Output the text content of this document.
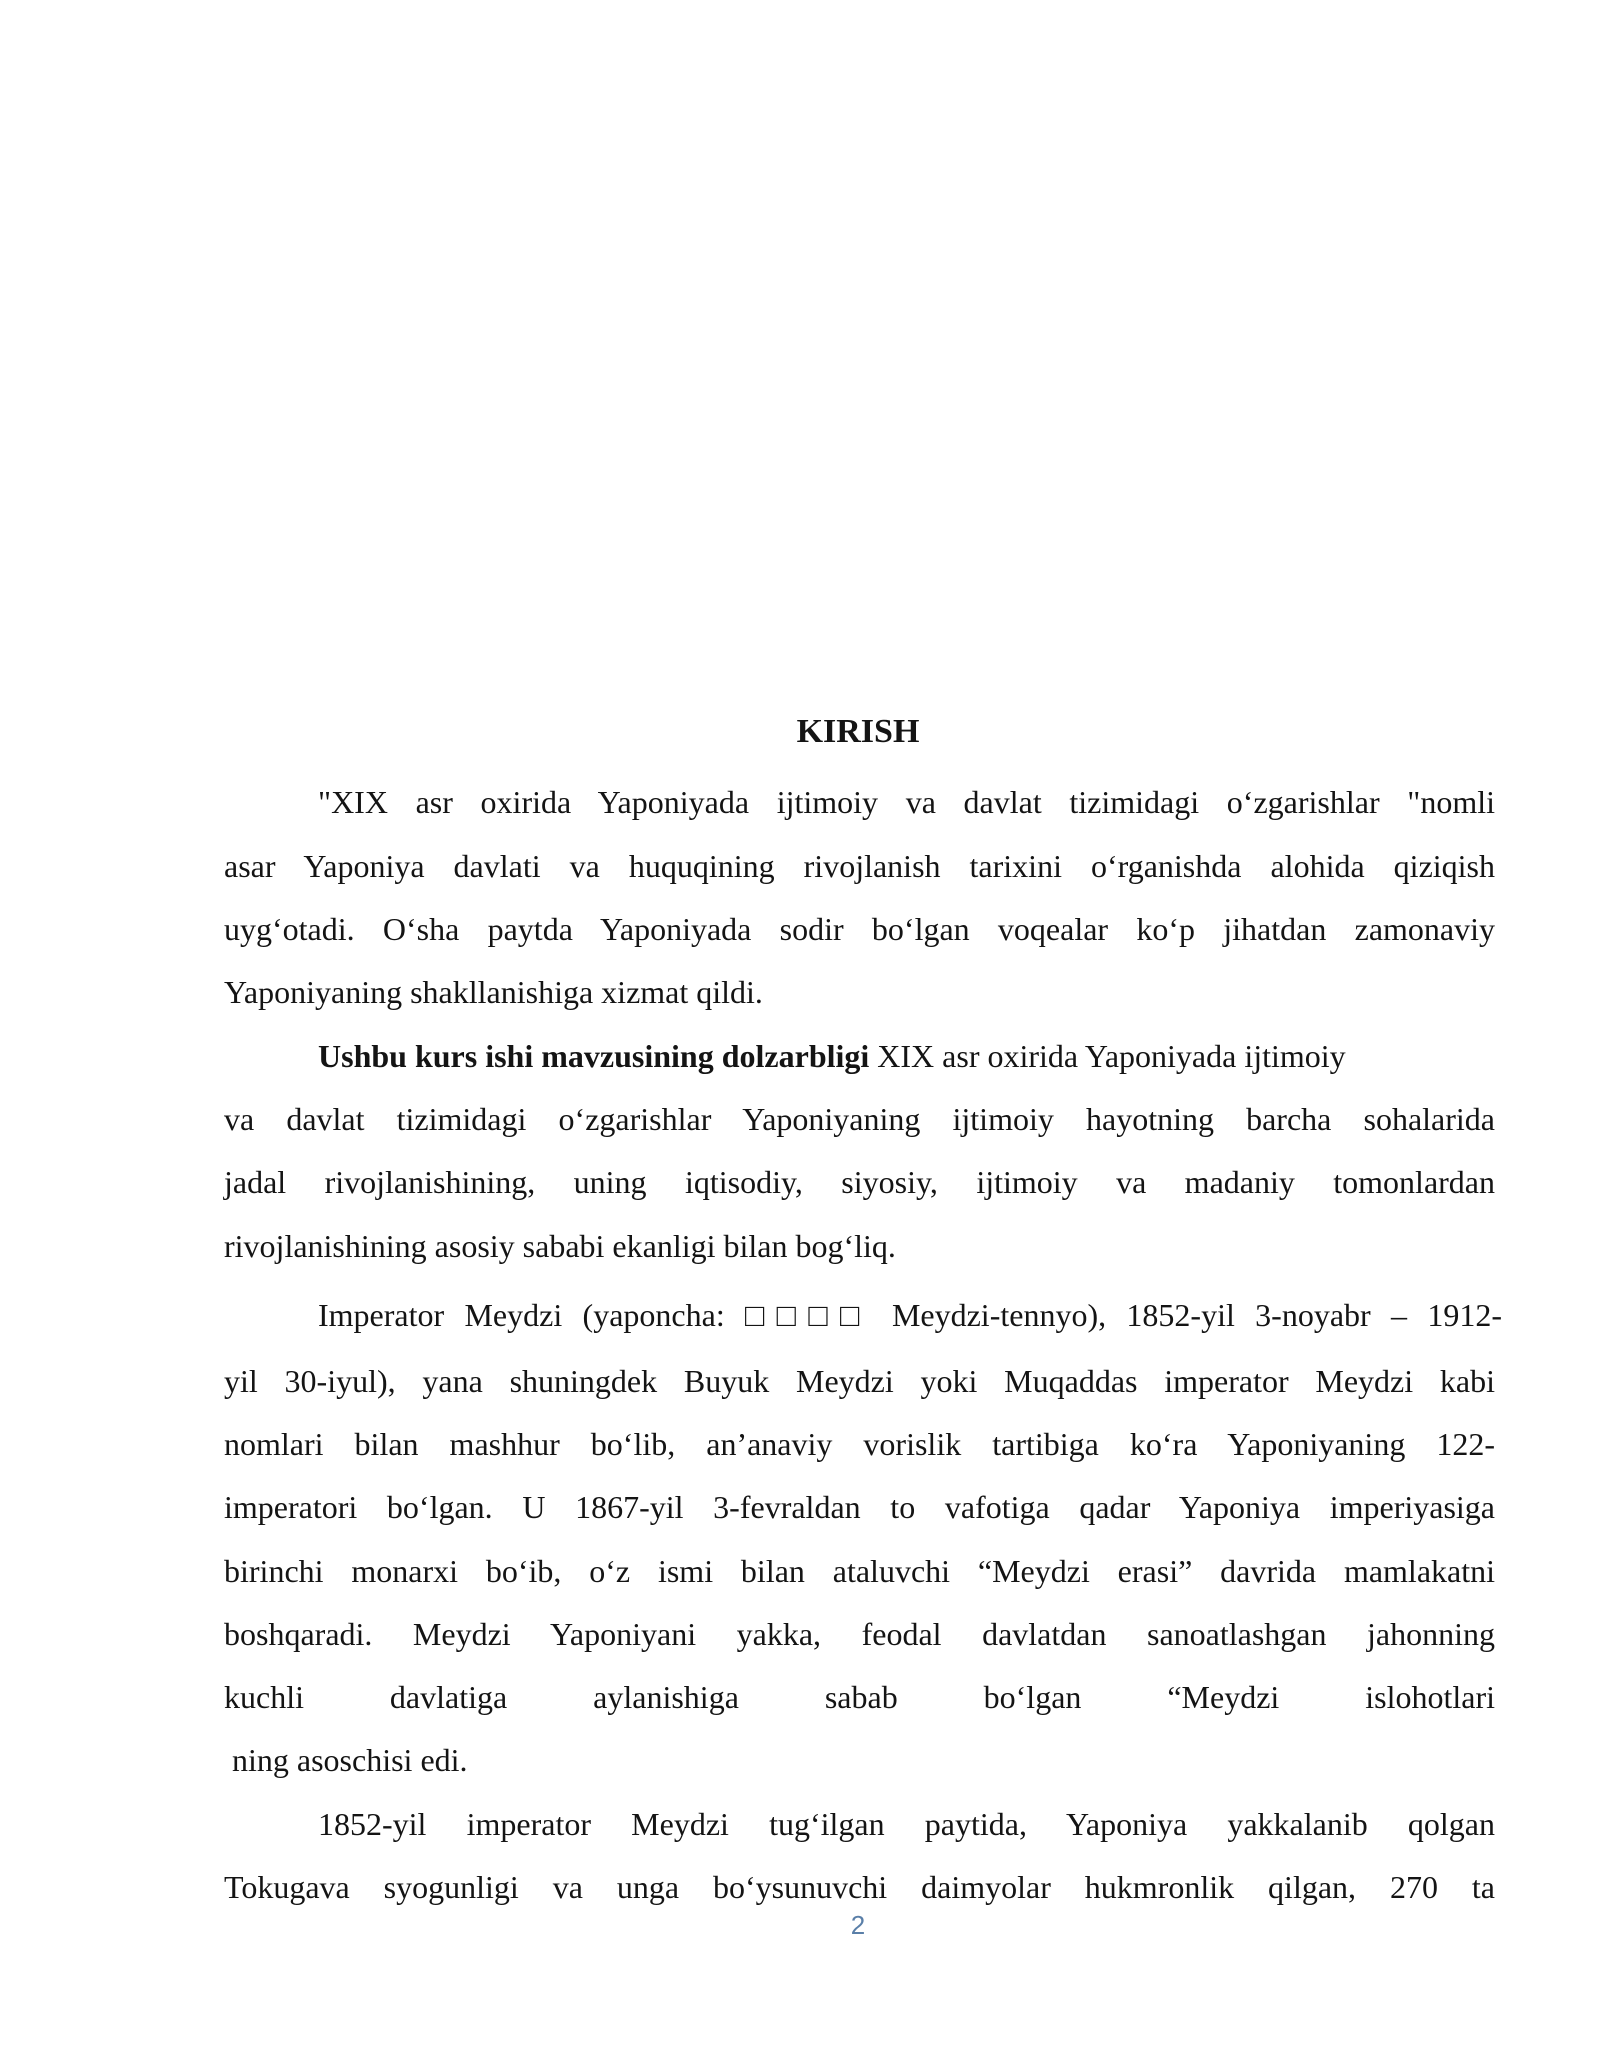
KIRISH

"XIX asr oxirida Yaponiyada ijtimoiy va davlat tizimidagi o‘zgarishlar "nomli

asar Yaponiya davlati va huquqining rivojlanish tarixini o‘rganishda alohida qiziqish

uyg‘otadi. O‘sha paytda Yaponiyada sodir bo‘lgan voqealar ko‘p jihatdan zamonaviy

Yaponiyaning shakllanishiga xizmat qildi.

Ushbu kurs ishi mavzusining dolzarbligi XIX asr oxirida Yaponiyada ijtimoiy

va davlat tizimidagi o‘zgarishlar Yaponiyaning ijtimoiy hayotning barcha sohalarida

jadal rivojlanishining, uning iqtisodiy, siyosiy, ijtimoiy va madaniy tomonlardan

rivojlanishining asosiy sababi ekanligi bilan bog‘liq.

Imperator Meydzi (yaponcha: □□□□ Meydzi-tennyo), 1852-yil 3-noyabr – 1912-

yil 30-iyul), yana shuningdek Buyuk Meydzi yoki Muqaddas imperator Meydzi kabi

nomlari bilan mashhur bo‘lib, an’anaviy vorislik tartibiga ko‘ra Yaponiyaning 122-

imperatori bo‘lgan. U 1867-yil 3-fevraldan to vafotiga qadar Yaponiya imperiyasiga

birinchi monarxi bo‘ib, o‘z ismi bilan ataluvchi “Meydzi erasi” davrida mamlakatni

boshqaradi. Meydzi Yaponiyani yakka, feodal davlatdan sanoatlashgan jahonning

kuchli davlatiga aylanishiga sabab bo‘lgan “Meydzi islohotlari

ning asoschisi edi.

1852-yil imperator Meydzi tug‘ilgan paytida, Yaponiya yakkalanib qolgan

Tokugava syogunligi va unga bo‘ysunuvchi daimyolar hukmronlik qilgan, 270 ta

2
